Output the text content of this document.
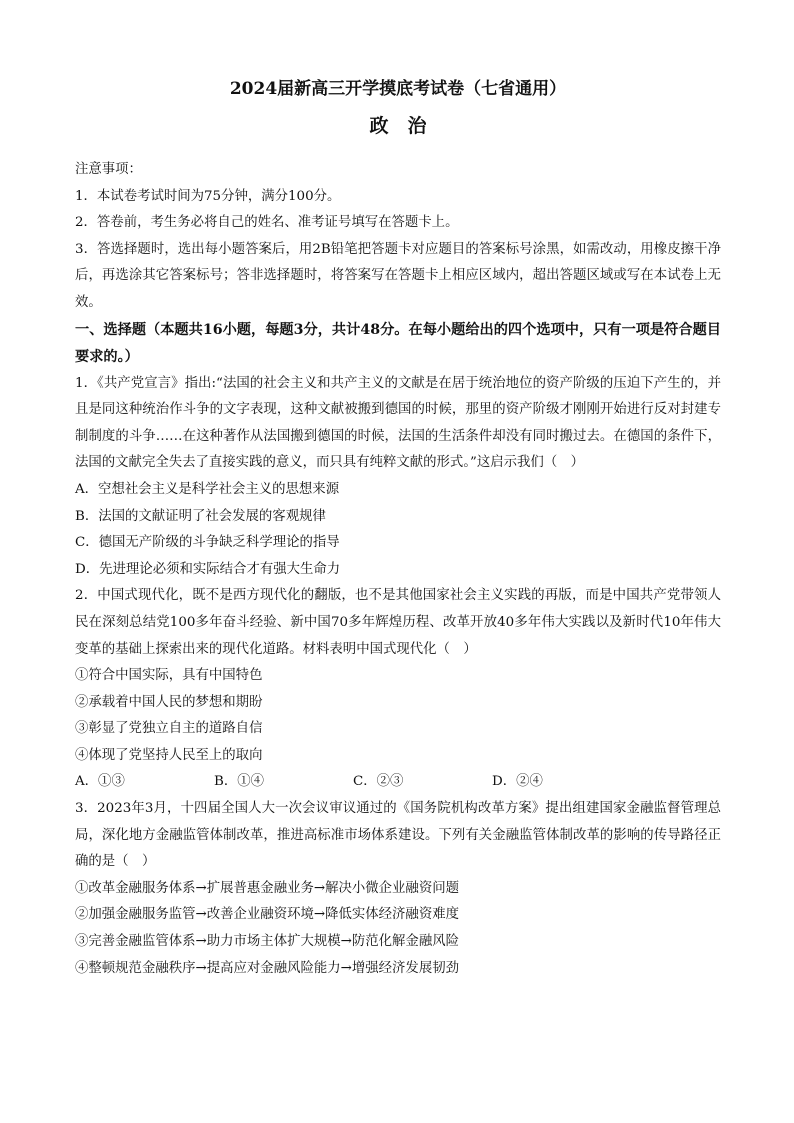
2024届新高三开学摸底考试卷（七省通用）

政　治

注意事项：

1．本试卷考试时间为75分钟，满分100分。

2．答卷前，考生务必将自己的姓名、准考证号填写在答题卡上。

3．答选择题时，选出每小题答案后，用2B铅笔把答题卡对应题目的答案标号涂黑，如需改动，用橡皮擦干净后，再选涂其它答案标号；答非选择题时，将答案写在答题卡上相应区域内，超出答题区域或写在本试卷上无效。

一、选择题（本题共16小题，每题3分，共计48分。在每小题给出的四个选项中，只有一项是符合题目要求的。）

1．《共产党宣言》指出:“法国的社会主义和共产主义的文献是在居于统治地位的资产阶级的压迫下产生的，并且是同这种统治作斗争的文字表现，这种文献被搬到德国的时候，那里的资产阶级才刚刚开始进行反对封建专制制度的斗争……在这种著作从法国搬到德国的时候，法国的生活条件却没有同时搬过去。在德国的条件下，法国的文献完全失去了直接实践的意义，而只具有纯粹文献的形式。”这启示我们（　）

A．空想社会主义是科学社会主义的思想来源

B．法国的文献证明了社会发展的客观规律

C．德国无产阶级的斗争缺乏科学理论的指导

D．先进理论必须和实际结合才有强大生命力

2．中国式现代化，既不是西方现代化的翻版，也不是其他国家社会主义实践的再版，而是中国共产党带领人民在深刻总结党100多年奋斗经验、新中国70多年辉煌历程、改革开放40多年伟大实践以及新时代10年伟大变革的基础上探索出来的现代化道路。材料表明中国式现代化（　）

①符合中国实际，具有中国特色

②承载着中国人民的梦想和期盼

③彰显了党独立自主的道路自信

④体现了党坚持人民至上的取向

A．①③	B．①④	C．②③	D．②④

3．2023年3月，十四届全国人大一次会议审议通过的《国务院机构改革方案》提出组建国家金融监督管理总局，深化地方金融监管体制改革，推进高标准市场体系建设。下列有关金融监管体制改革的影响的传导路径正确的是（　）

①改革金融服务体系→扩展普惠金融业务→解决小微企业融资问题

②加强金融服务监管→改善企业融资环境→降低实体经济融资难度

③完善金融监管体系→助力市场主体扩大规模→防范化解金融风险

④整顿规范金融秩序→提高应对金融风险能力→增强经济发展韧劲
